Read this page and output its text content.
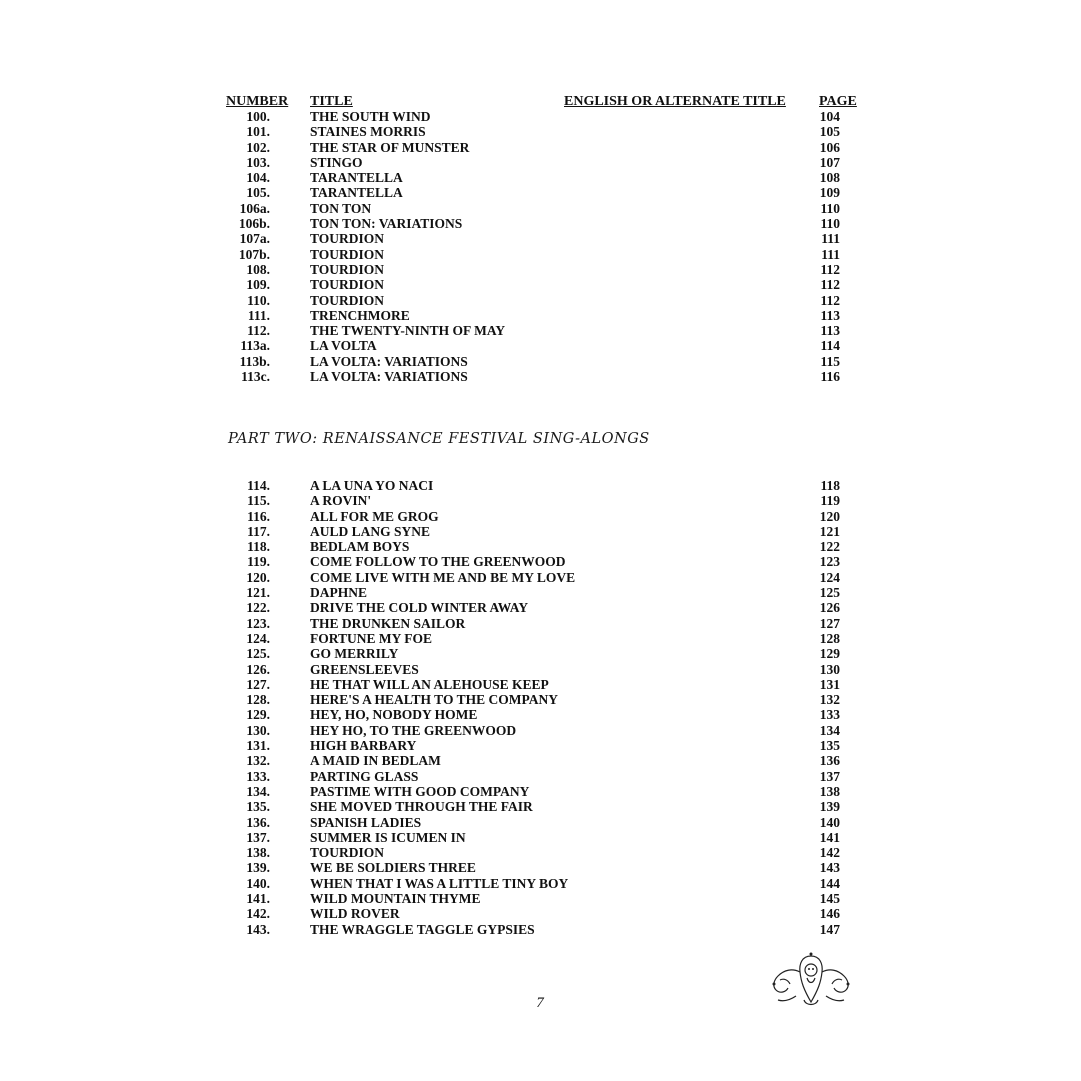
NUMBER	TITLE	ENGLISH OR ALTERNATE TITLE	PAGE
100.	THE SOUTH WIND	104
101.	STAINES MORRIS	105
102.	THE STAR OF MUNSTER	106
103.	STINGO	107
104.	TARANTELLA	108
105.	TARANTELLA	109
106a.	TON TON	110
106b.	TON TON: VARIATIONS	110
107a.	TOURDION	111
107b.	TOURDION	111
108.	TOURDION	112
109.	TOURDION	112
110.	TOURDION	112
111.	TRENCHMORE	113
112.	THE TWENTY-NINTH OF MAY	113
113a.	LA VOLTA	114
113b.	LA VOLTA: VARIATIONS	115
113c.	LA VOLTA: VARIATIONS	116
PART TWO: RENAISSANCE FESTIVAL SING-ALONGS
114.	A LA UNA YO NACI	118
115.	A ROVIN'	119
116.	ALL FOR ME GROG	120
117.	AULD LANG SYNE	121
118.	BEDLAM BOYS	122
119.	COME FOLLOW TO THE GREENWOOD	123
120.	COME LIVE WITH ME AND BE MY LOVE	124
121.	DAPHNE	125
122.	DRIVE THE COLD WINTER AWAY	126
123.	THE DRUNKEN SAILOR	127
124.	FORTUNE MY FOE	128
125.	GO MERRILY	129
126.	GREENSLEEVES	130
127.	HE THAT WILL AN ALEHOUSE KEEP	131
128.	HERE'S A HEALTH TO THE COMPANY	132
129.	HEY, HO, NOBODY HOME	133
130.	HEY HO, TO THE GREENWOOD	134
131.	HIGH BARBARY	135
132.	A MAID IN BEDLAM	136
133.	PARTING GLASS	137
134.	PASTIME WITH GOOD COMPANY	138
135.	SHE MOVED THROUGH THE FAIR	139
136.	SPANISH LADIES	140
137.	SUMMER IS ICUMEN IN	141
138.	TOURDION	142
139.	WE BE SOLDIERS THREE	143
140.	WHEN THAT I WAS A LITTLE TINY BOY	144
141.	WILD MOUNTAIN THYME	145
142.	WILD ROVER	146
143.	THE WRAGGLE TAGGLE GYPSIES	147
7
